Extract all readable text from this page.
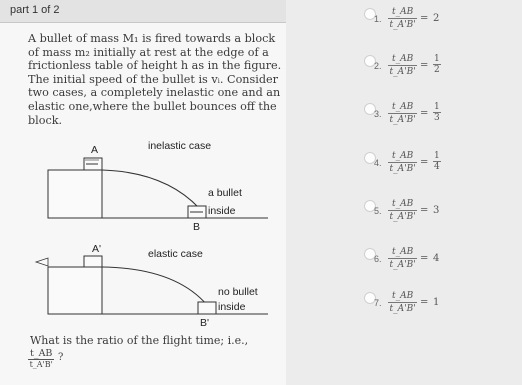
part 1 of 2
A bullet of mass M₁ is fired towards a block of mass m₂ initially at rest at the edge of a frictionless table of height h as in the figure. The initial speed of the bullet is vᵢ. Consider two cases, a completely inelastic one and an elastic one,where the bullet bounces off the block.
A	inelastic case
a bullet
inside
B
A'	elastic case
no bullet
inside
B'
What is the ratio of the flight time; i.e.,
t_AB
t_A'B'
?
1. $\frac{t\_AB}{t\_A'B'} = 2$
2. $\frac{t\_AB}{t\_A'B'} = \frac{1}{2}$
3. $\frac{t\_AB}{t\_A'B'} = \frac{1}{3}$
4. $\frac{t\_AB}{t\_A'B'} = \frac{1}{4}$
5. $\frac{t\_AB}{t\_A'B'} = 3$
6. $\frac{t\_AB}{t\_A'B'} = 4$
7. $\frac{t\_AB}{t\_A'B'} = 1$
